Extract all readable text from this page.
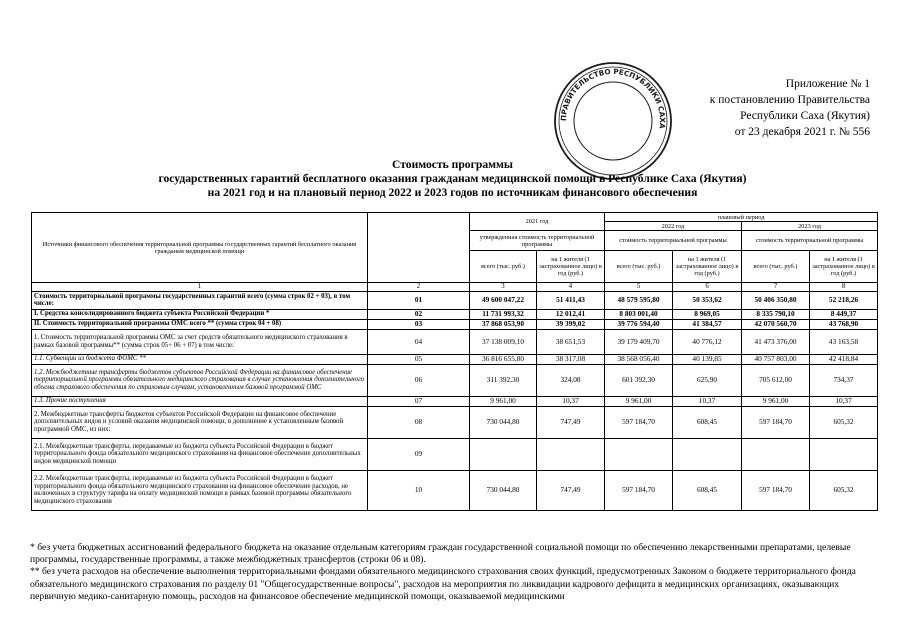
ПРАВИТЕЛЬСТВО РЕСПУБЛИКИ САХА
Приложение № 1
к постановлению Правительства
Республики Саха (Якутия)
от 23 декабря 2021 г. № 556
Стоимость программы
государственных гарантий бесплатного оказания гражданам медицинской помощи в Республике Саха (Якутия)
на 2021 год и на плановый период 2022 и 2023 годов по источникам финансового обеспечения
Источники финансового обеспечения территориальной программы государственных гарантий бесплатного оказания гражданам медицинской помощи		2021 год		плановый период			
				2022 год		2023 год	
		утвержденная стоимость территориальной программы		стоимость территориальной программы		стоимость территориальной программы	
		всего (тыс. руб.)	на 1 жителя (1 застрахованное лицо) в год (руб.)	всего (тыс. руб.)	на 1 жителя (1 застрахованное лицо) в год (руб.)	всего (тыс. руб.)	на 1 жителя (1 застрахованное лицо) в год (руб.)
1	2	3	4	5	6	7	8
Стоимость территориальной программы государственных гарантий всего (сумма строк 02 + 03), в том числе:	01	49 600 047,22	51 411,43	48 579 595,80	50 353,62	50 406 350,80	52 218,26
I. Средства консолидированного бюджета субъекта Российской Федерации *	02	11 731 993,32	12 012,41	8 803 001,40	8 969,05	8 335 790,10	8 449,37
II. Стоимость территориальной программы ОМС всего ** (сумма строк 04 + 08)	03	37 868 053,90	39 399,02	39 776 594,40	41 384,57	42 070 560,70	43 768,90
1. Стоимость территориальной программы ОМС за счет средств обязательного медицинского страхования в рамках базовой программы** (сумма строк 05+ 06 + 07) в том числе:	04	37 138 009,10	38 651,53	39 179 409,70	40 776,12	41 473 376,00	43 163,58
1.1. Субвенции из бюджета ФОМС **	05	36 816 655,80	38 317,08	38 568 056,40	40 139,85	40 757 803,00	42 418,84
1.2. Межбюджетные трансферты бюджетов субъектов Российской Федерации на финансовое обеспечение территориальной программы обязательного медицинского страхования в случае установления дополнительного объема страхового обеспечения по страховым случаям, установленным базовой программой ОМС	06	311 392,30	324,08	601 392,30	625,90	705 612,00	734,37
1.3. Прочие поступления	07	9 961,00	10,37	9 961,00	10,37	9 961,00	10,37
2. Межбюджетные трансферты бюджетов субъектов Российской Федерации на финансовое обеспечение дополнительных видов и условий оказания медицинской помощи, в дополнение к установленным базовой программой ОМС, из них:	08	730 044,80	747,49	597 184,70	608,45	597 184,70	605,32
2.1. Межбюджетные трансферты, передаваемые из бюджета субъекта Российской Федерации в бюджет территориального фонда обязательного медицинского страхования на финансовое обеспечение дополнительных видов медицинской помощи	09						
2.2. Межбюджетные трансферты, передаваемые из бюджета субъекта Российской Федерации в бюджет территориального фонда обязательного медицинского страхования на финансовое обеспечение расходов, не включенных в структуру тарифа на оплату медицинской помощи в рамках базовой программы обязательного медицинского страхования	10	730 044,80	747,49	597 184,70	608,45	597 184,70	605,32

* без учета бюджетных ассигнований федерального бюджета на оказание отдельным категориям граждан государственной социальной помощи по обеспечению лекарственными препаратами, целевые программы, государственные программы, а также межбюджетных трансфертов (строки 06 и 08).

** без учета расходов на обеспечение выполнения территориальными фондами обязательного медицинского страхования своих функций, предусмотренных Законом о бюджете территориального фонда обязательного медицинского страхования по разделу 01 "Общегосударственные вопросы", расходов на мероприятия по ликвидации кадрового дефицита в медицинских организациях, оказывающих первичную медико-санитарную помощь, расходов на финансовое обеспечение медицинской помощи, оказываемой медицинскими
